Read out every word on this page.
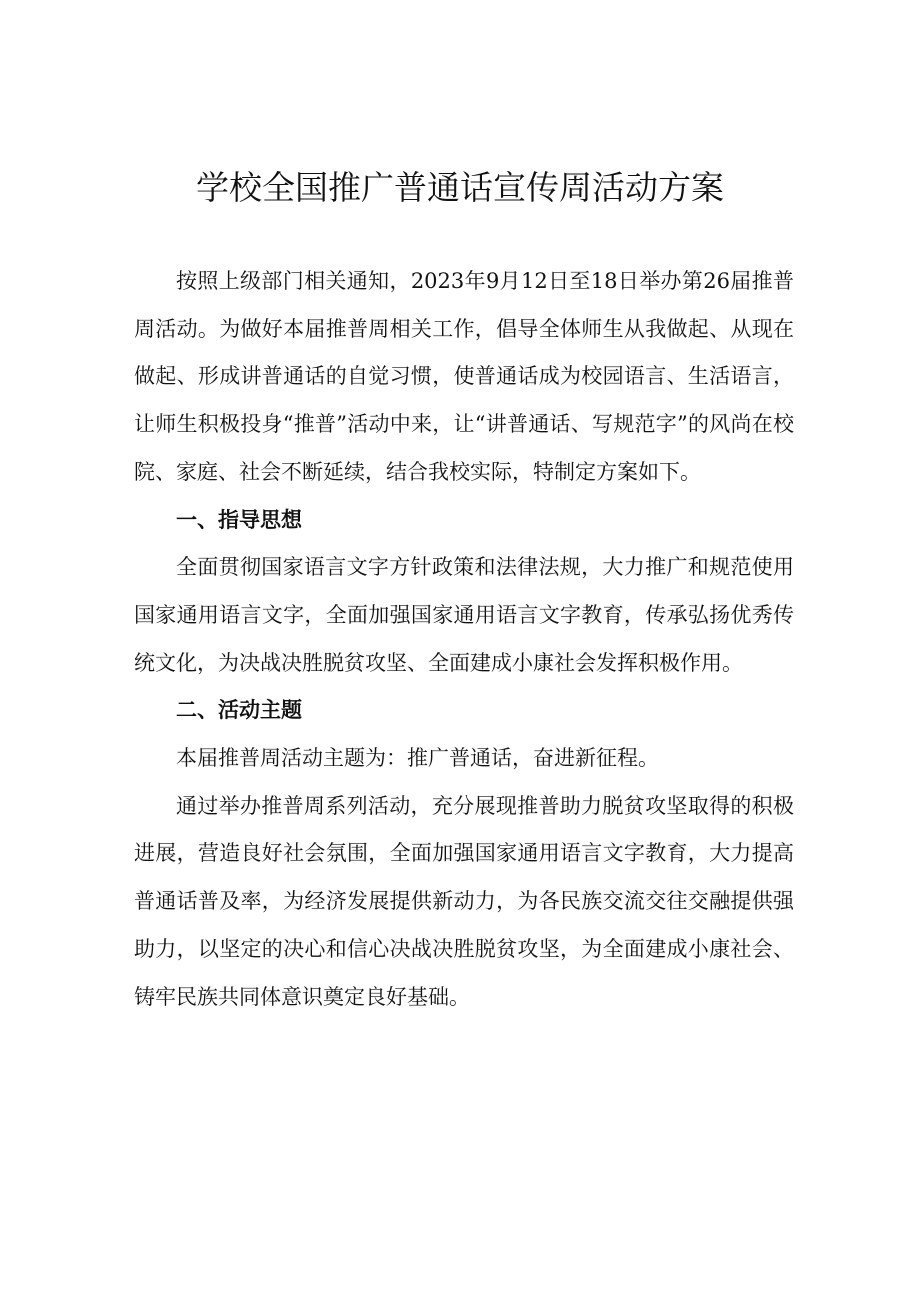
学校全国推广普通话宣传周活动方案

按照上级部门相关通知，2023年9月12日至18日举办第26届推普周活动。为做好本届推普周相关工作，倡导全体师生从我做起、从现在做起、形成讲普通话的自觉习惯，使普通话成为校园语言、生活语言，让师生积极投身“推普”活动中来，让“讲普通话、写规范字”的风尚在校院、家庭、社会不断延续，结合我校实际，特制定方案如下。

一、指导思想

全面贯彻国家语言文字方针政策和法律法规，大力推广和规范使用国家通用语言文字，全面加强国家通用语言文字教育，传承弘扬优秀传统文化，为决战决胜脱贫攻坚、全面建成小康社会发挥积极作用。

二、活动主题

本届推普周活动主题为：推广普通话，奋进新征程。

通过举办推普周系列活动，充分展现推普助力脱贫攻坚取得的积极进展，营造良好社会氛围，全面加强国家通用语言文字教育，大力提高普通话普及率，为经济发展提供新动力，为各民族交流交往交融提供强助力，以坚定的决心和信心决战决胜脱贫攻坚，为全面建成小康社会、铸牢民族共同体意识奠定良好基础。
